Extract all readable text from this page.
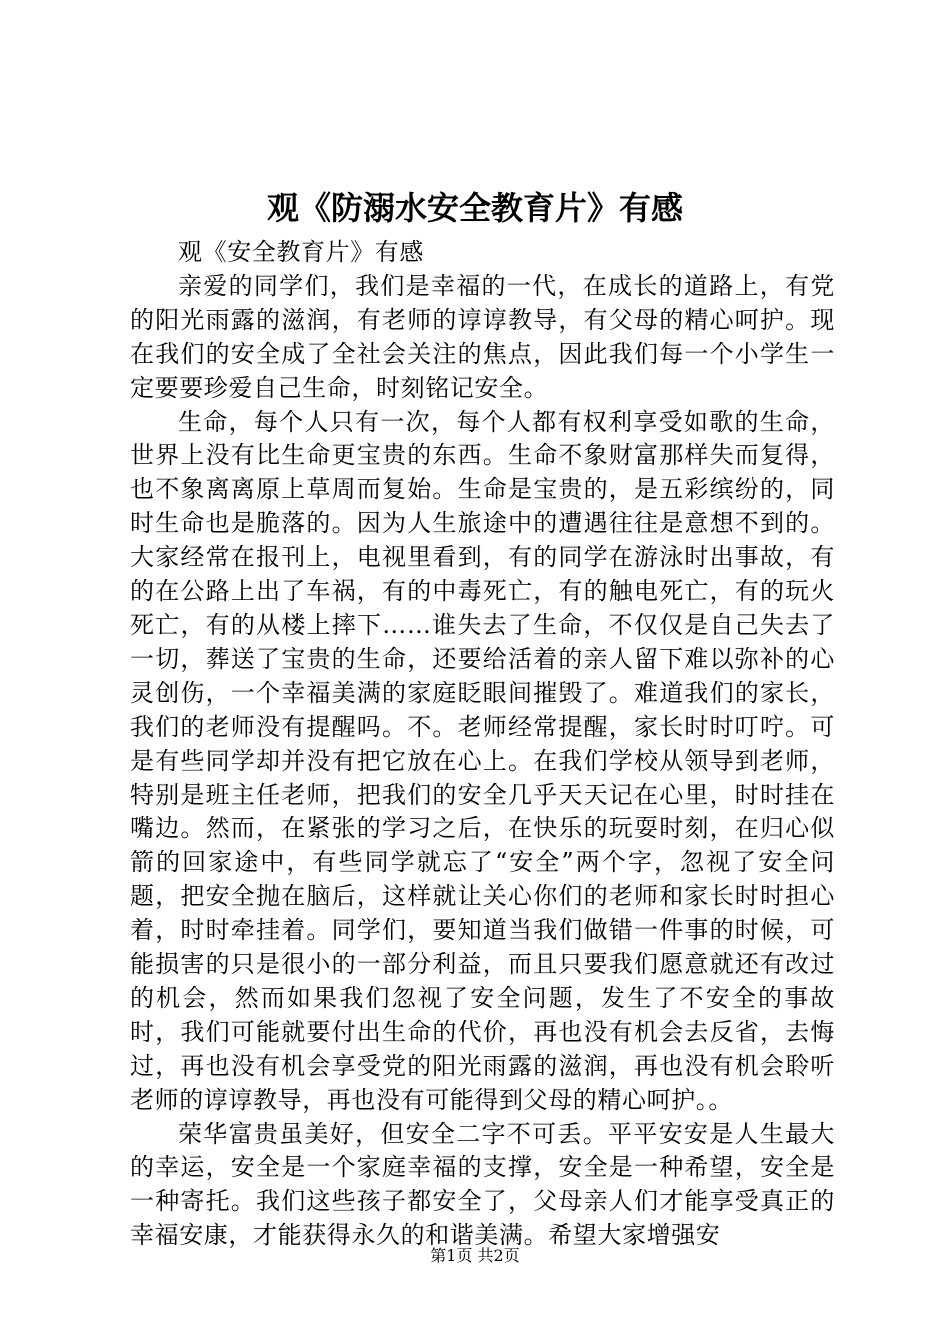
观《防溺水安全教育片》有感

观《安全教育片》有感

亲爱的同学们，我们是幸福的一代，在成长的道路上，有党的阳光雨露的滋润，有老师的谆谆教导，有父母的精心呵护。现在我们的安全成了全社会关注的焦点，因此我们每一个小学生一定要要珍爱自己生命，时刻铭记安全。

生命，每个人只有一次，每个人都有权利享受如歌的生命，世界上没有比生命更宝贵的东西。生命不象财富那样失而复得，也不象离离原上草周而复始。生命是宝贵的，是五彩缤纷的，同时生命也是脆落的。因为人生旅途中的遭遇往往是意想不到的。大家经常在报刊上，电视里看到，有的同学在游泳时出事故，有的在公路上出了车祸，有的中毒死亡，有的触电死亡，有的玩火死亡，有的从楼上摔下……谁失去了生命，不仅仅是自己失去了一切，葬送了宝贵的生命，还要给活着的亲人留下难以弥补的心灵创伤，一个幸福美满的家庭眨眼间摧毁了。难道我们的家长，我们的老师没有提醒吗。不。老师经常提醒，家长时时叮咛。可是有些同学却并没有把它放在心上。在我们学校从领导到老师，特别是班主任老师，把我们的安全几乎天天记在心里，时时挂在嘴边。然而，在紧张的学习之后，在快乐的玩耍时刻，在归心似箭的回家途中，有些同学就忘了“安全”两个字，忽视了安全问题，把安全抛在脑后，这样就让关心你们的老师和家长时时担心着，时时牵挂着。同学们，要知道当我们做错一件事的时候，可能损害的只是很小的一部分利益，而且只要我们愿意就还有改过的机会，然而如果我们忽视了安全问题，发生了不安全的事故时，我们可能就要付出生命的代价，再也没有机会去反省，去悔过，再也没有机会享受党的阳光雨露的滋润，再也没有机会聆听老师的谆谆教导，再也没有可能得到父母的精心呵护。。

荣华富贵虽美好，但安全二字不可丢。平平安安是人生最大的幸运，安全是一个家庭幸福的支撑，安全是一种希望，安全是一种寄托。我们这些孩子都安全了，父母亲人们才能享受真正的幸福安康，才能获得永久的和谐美满。希望大家增强安

第1页 共2页
